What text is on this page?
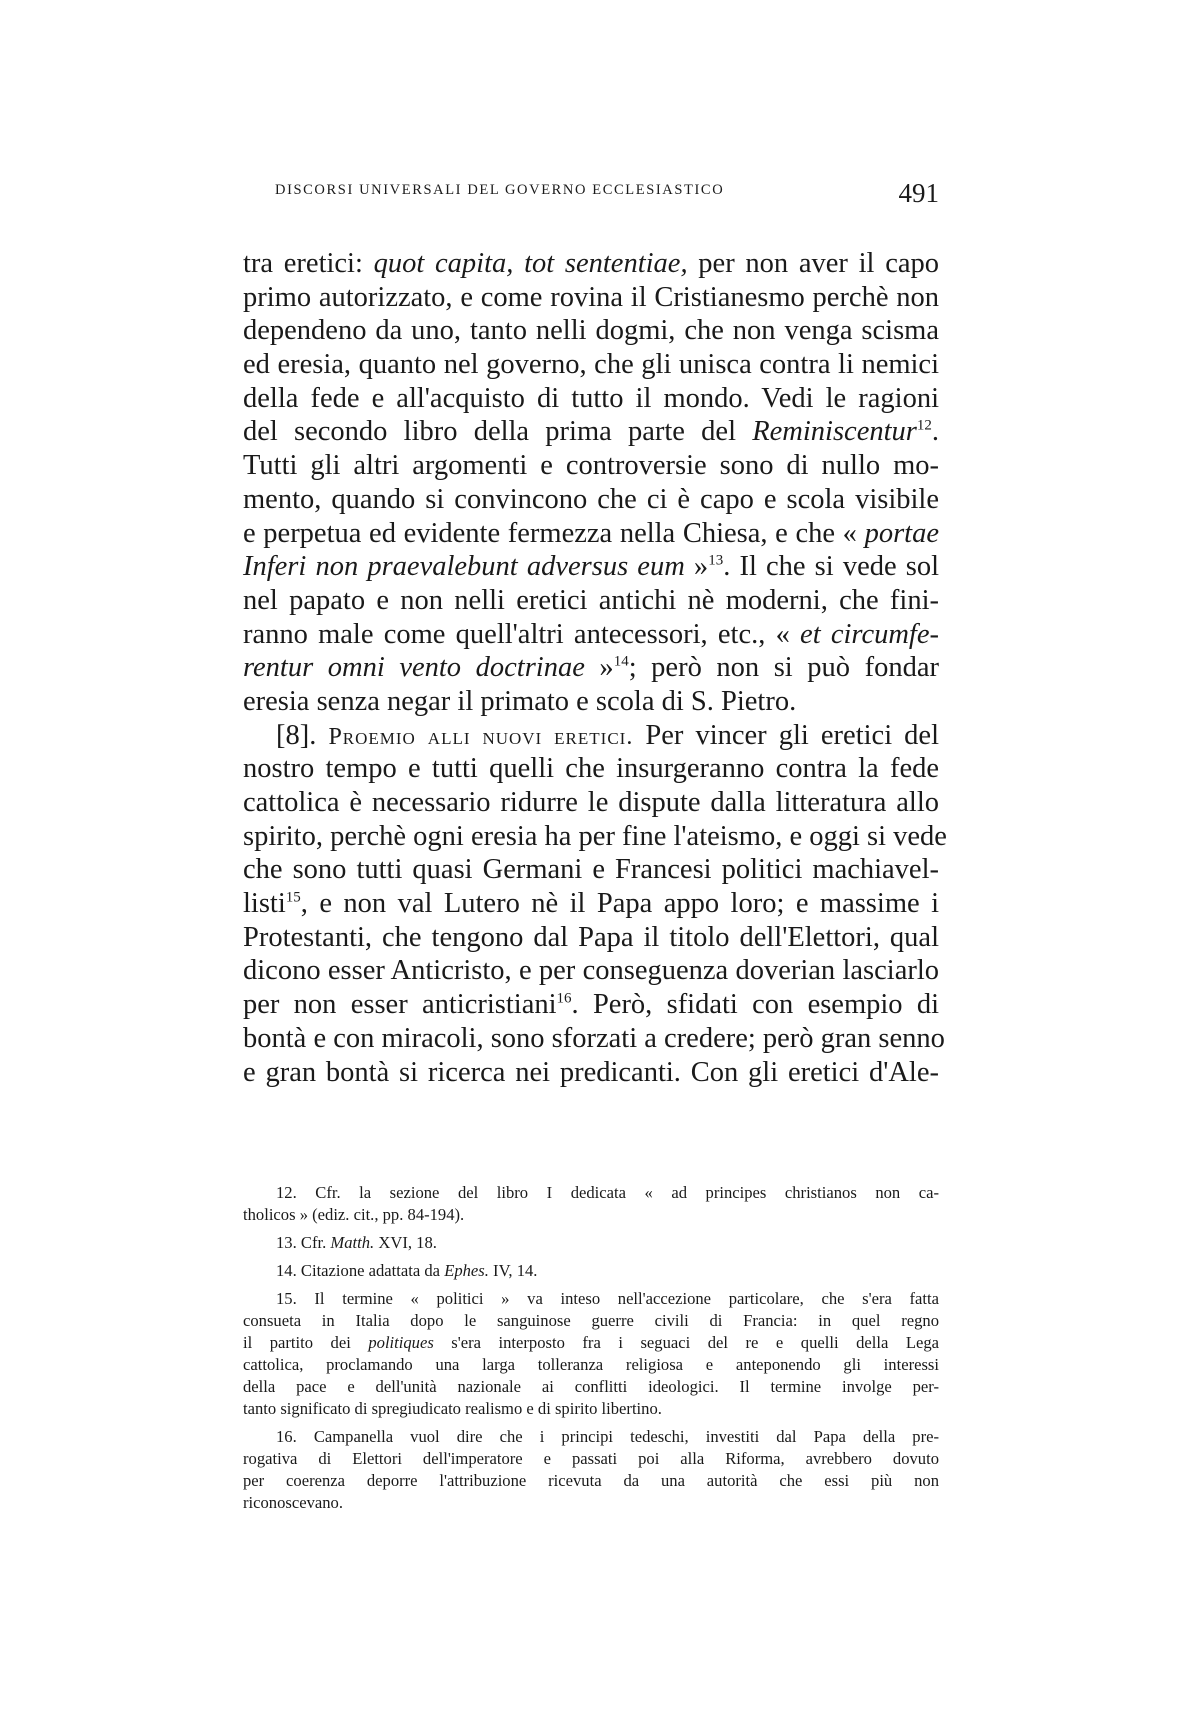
DISCORSI UNIVERSALI DEL GOVERNO ECCLESIASTICO	491
tra eretici: quot capita, tot sententiae, per non aver il capo
primo autorizzato, e come rovina il Cristianesmo perchè non
dependeno da uno, tanto nelli dogmi, che non venga scisma
ed eresia, quanto nel governo, che gli unisca contra li nemici
della fede e all'acquisto di tutto il mondo. Vedi le ragioni
del secondo libro della prima parte del Reminiscentur$^{12}$.
Tutti gli altri argomenti e controversie sono di nullo mo-
mento, quando si convincono che ci è capo e scola visibile
e perpetua ed evidente fermezza nella Chiesa, e che « portae
Inferi non praevalebunt adversus eum »$^{13}$. Il che si vede sol
nel papato e non nelli eretici antichi nè moderni, che fini-
ranno male come quell'altri antecessori, etc., « et circumfe-
rentur omni vento doctrinae »$^{14}$; però non si può fondar
eresia senza negar il primato e scola di S. Pietro.
[8]. Proemio alli nuovi eretici. Per vincer gli eretici del
nostro tempo e tutti quelli che insurgeranno contra la fede
cattolica è necessario ridurre le dispute dalla litteratura allo
spirito, perchè ogni eresia ha per fine l'ateismo, e oggi si vede
che sono tutti quasi Germani e Francesi politici machiavel-
listi$^{15}$, e non val Lutero nè il Papa appo loro; e massime i
Protestanti, che tengono dal Papa il titolo dell'Elettori, qual
dicono esser Anticristo, e per conseguenza doverian lasciarlo
per non esser anticristiani$^{16}$. Però, sfidati con esempio di
bontà e con miracoli, sono sforzati a credere; però gran senno
e gran bontà si ricerca nei predicanti. Con gli eretici d'Ale-
12. Cfr. la sezione del libro I dedicata « ad principes christianos non ca-
tholicos » (ediz. cit., pp. 84-194).
13. Cfr. Matth. XVI, 18.
14. Citazione adattata da Ephes. IV, 14.
15. Il termine « politici » va inteso nell'accezione particolare, che s'era fatta
consueta in Italia dopo le sanguinose guerre civili di Francia: in quel regno
il partito dei politiques s'era interposto fra i seguaci del re e quelli della Lega
cattolica, proclamando una larga tolleranza religiosa e anteponendo gli interessi
della pace e dell'unità nazionale ai conflitti ideologici. Il termine involge per-
tanto significato di spregiudicato realismo e di spirito libertino.
16. Campanella vuol dire che i principi tedeschi, investiti dal Papa della pre-
rogativa di Elettori dell'imperatore e passati poi alla Riforma, avrebbero dovuto
per coerenza deporre l'attribuzione ricevuta da una autorità che essi più non
riconoscevano.
